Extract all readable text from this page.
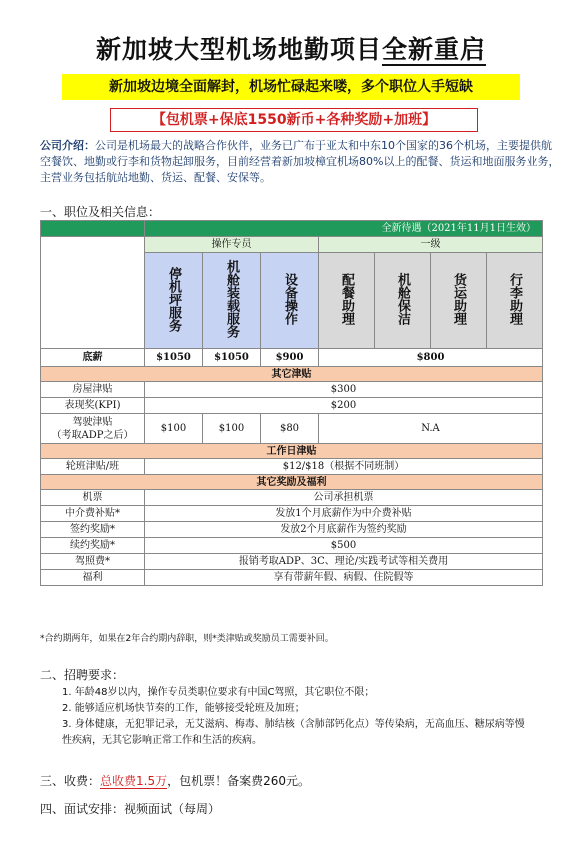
新加坡大型机场地勤项目全新重启
新加坡边境全面解封，机场忙碌起来喽，多个职位人手短缺
【包机票+保底1550新币+各种奖励+加班】
公司介绍：公司是机场最大的战略合作伙伴，业务已广布于亚太和中东10个国家的36个机场，主要提供航空餐饮、地勤或行李和货物起卸服务，目前经营着新加坡樟宜机场80%以上的配餐、货运和地面服务业务，主营业务包括航站地勤、货运、配餐、安保等。
一、职位及相关信息：
	全新待遇（2021年11月1日生效）						
	操作专员			一级			
	停机坪服务	机舱装载服务	设备操作	配餐助理	机舱保洁	货运助理	行李助理
底薪	$1050	$1050	$900	$800			
其它津贴							
房屋津贴	$300						
表现奖(KPI)	$200						

驾驶津贴
（考取ADP之后）	$100	$100	$80	N.A			
工作日津贴							
轮班津贴/班	$12/$18（根据不同班制）						
其它奖励及福利							
机票	公司承担机票						
中介费补贴*	发放1个月底薪作为中介费补贴						
签约奖励*	发放2个月底薪作为签约奖励						
续约奖励*	$500						
驾照费*	报销考取ADP、3C、理论/实践考试等相关费用						
福利	享有带薪年假、病假、住院假等						
*合约期两年，如果在2年合约期内辞职，则*类津贴或奖励员工需要补回。
二、招聘要求：
1. 年龄48岁以内，操作专员类职位要求有中国C驾照，其它职位不限；
2. 能够适应机场快节奏的工作，能够接受轮班及加班；
3. 身体健康，无犯罪记录，无艾滋病、梅毒、肺结核（含肺部钙化点）等传染病，无高血压、糖尿病等慢性疾病，无其它影响正常工作和生活的疾病。
三、收费：总收费1.5万，包机票！备案费260元。
四、面试安排：视频面试（每周）
